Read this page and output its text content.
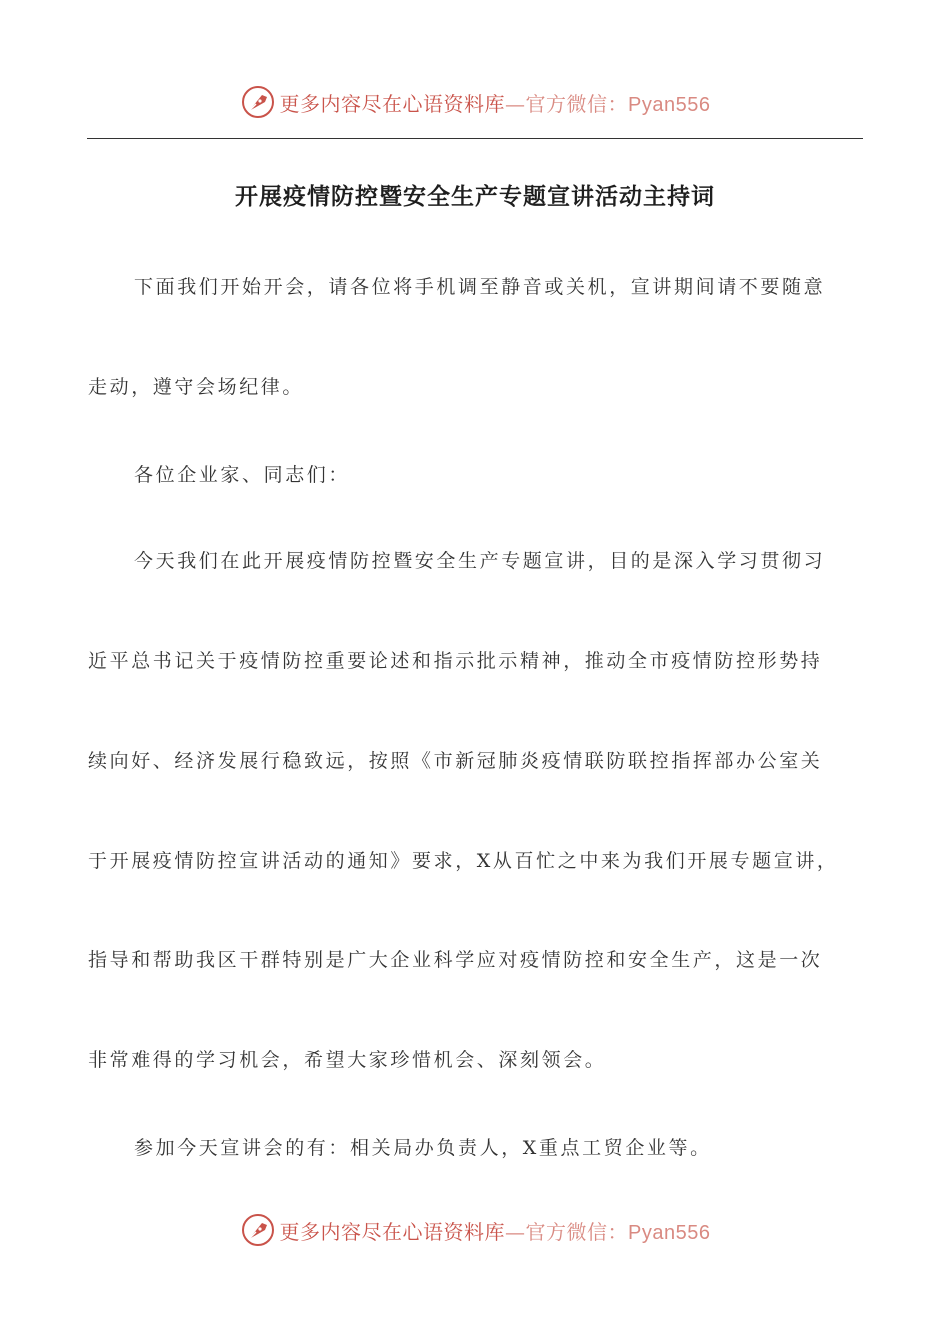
更多内容尽在心语资料库—官方微信：Pyan556
开展疫情防控暨安全生产专题宣讲活动主持词
下面我们开始开会，请各位将手机调至静音或关机，宣讲期间请不要随意
走动，遵守会场纪律。
各位企业家、同志们：
今天我们在此开展疫情防控暨安全生产专题宣讲，目的是深入学习贯彻习
近平总书记关于疫情防控重要论述和指示批示精神，推动全市疫情防控形势持
续向好、经济发展行稳致远，按照《市新冠肺炎疫情联防联控指挥部办公室关
于开展疫情防控宣讲活动的通知》要求，X从百忙之中来为我们开展专题宣讲，
指导和帮助我区干群特别是广大企业科学应对疫情防控和安全生产，这是一次
非常难得的学习机会，希望大家珍惜机会、深刻领会。
参加今天宣讲会的有：相关局办负责人，X重点工贸企业等。
更多内容尽在心语资料库—官方微信：Pyan556
